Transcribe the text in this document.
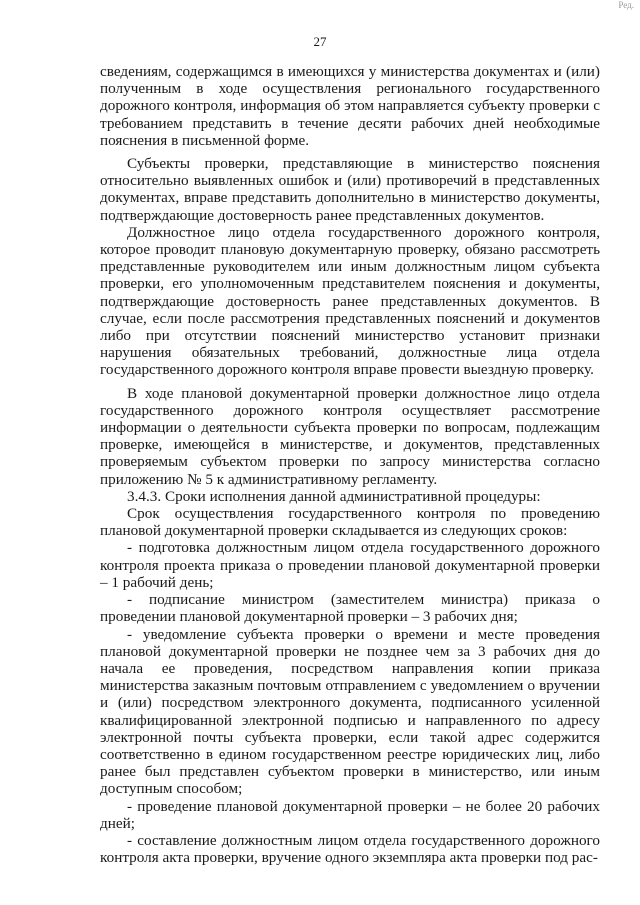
Ред.
27

сведениям, содержащимся в имеющихся у министерства документах и (или) полученным в ходе осуществления регионального государственного дорожного контроля, информация об этом направляется субъекту проверки с требованием представить в течение десяти рабочих дней необходимые пояснения в письменной форме.

Субъекты проверки, представляющие в министерство пояснения относительно выявленных ошибок и (или) противоречий в представленных документах, вправе представить дополнительно в министерство документы, подтверждающие достоверность ранее представленных документов.

Должностное лицо отдела государственного дорожного контроля, которое проводит плановую документарную проверку, обязано рассмотреть представленные руководителем или иным должностным лицом субъекта проверки, его уполномоченным представителем пояснения и документы, подтверждающие достоверность ранее представленных документов. В случае, если после рассмотрения представленных пояснений и документов либо при отсутствии пояснений министерство установит признаки нарушения обязательных требований, должностные лица отдела государственного дорожного контроля вправе провести выездную проверку.

В ходе плановой документарной проверки должностное лицо отдела государственного дорожного контроля осуществляет рассмотрение информации о деятельности субъекта проверки по вопросам, подлежащим проверке, имеющейся в министерстве, и документов, представленных проверяемым субъектом проверки по запросу министерства согласно приложению № 5 к административному регламенту.

3.4.3. Сроки исполнения данной административной процедуры:

Срок осуществления государственного контроля по проведению плановой документарной проверки складывается из следующих сроков:

- подготовка должностным лицом отдела государственного дорожного контроля проекта приказа о проведении плановой документарной проверки – 1 рабочий день;

- подписание министром (заместителем министра) приказа о проведении плановой документарной проверки – 3 рабочих дня;

- уведомление субъекта проверки о времени и месте проведения плановой документарной проверки не позднее чем за 3 рабочих дня до начала ее проведения, посредством направления копии приказа министерства заказным почтовым отправлением с уведомлением о вручении и (или) посредством электронного документа, подписанного усиленной квалифицированной электронной подписью и направленного по адресу электронной почты субъекта проверки, если такой адрес содержится соответственно в едином государственном реестре юридических лиц, либо ранее был представлен субъектом проверки в министерство, или иным доступным способом;

- проведение плановой документарной проверки – не более 20 рабочих дней;

- составление должностным лицом отдела государственного дорожного контроля акта проверки, вручение одного экземпляра акта проверки под рас-
